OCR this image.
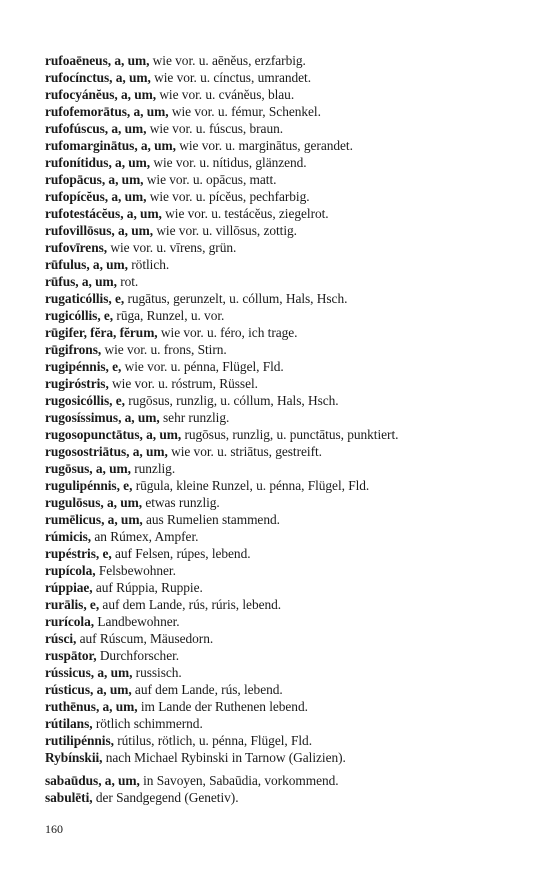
rufoaēneus, a, um, wie vor. u. aēnĕus, erzfarbig.
rufocínctus, a, um, wie vor. u. cínctus, umrandet.
rufocyánĕus, a, um, wie vor. u. cvánĕus, blau.
rufofemorātus, a, um, wie vor. u. fémur, Schenkel.
rufofúscus, a, um, wie vor. u. fúscus, braun.
rufomarginātus, a, um, wie vor. u. marginātus, gerandet.
rufonítidus, a, um, wie vor. u. nítidus, glänzend.
rufopācus, a, um, wie vor. u. opācus, matt.
rufopícĕus, a, um, wie vor. u. pícĕus, pechfarbig.
rufotestácĕus, a, um, wie vor. u. testácĕus, ziegelrot.
rufovillōsus, a, um, wie vor. u. villōsus, zottig.
rufovīrens, wie vor. u. vīrens, grün.
rūfulus, a, um, rötlich.
rūfus, a, um, rot.
rugaticóllis, e, rugātus, gerunzelt, u. cóllum, Hals, Hsch.
rugicóllis, e, rūga, Runzel, u. vor.
rūgifer, fĕra, fĕrum, wie vor. u. féro, ich trage.
rūgifrons, wie vor. u. frons, Stirn.
rugipénnis, e, wie vor. u. pénna, Flügel, Fld.
rugiróstris, wie vor. u. róstrum, Rüssel.
rugosicóllis, e, rugōsus, runzlig, u. cóllum, Hals, Hsch.
rugosíssimus, a, um, sehr runzlig.
rugosopunctātus, a, um, rugōsus, runzlig, u. punctātus, punktiert.
rugosostriātus, a, um, wie vor. u. striātus, gestreift.
rugōsus, a, um, runzlig.
rugulipénnis, e, rūgula, kleine Runzel, u. pénna, Flügel, Fld.
rugulōsus, a, um, etwas runzlig.
rumēlicus, a, um, aus Rumelien stammend.
rúmicis, an Rúmex, Ampfer.
rupéstris, e, auf Felsen, rúpes, lebend.
rupícola, Felsbewohner.
rúppiae, auf Rúppia, Ruppie.
rurālis, e, auf dem Lande, rús, rúris, lebend.
rurícola, Landbewohner.
rúsci, auf Rúscum, Mäusedorn.
ruspātor, Durchforscher.
rússicus, a, um, russisch.
rústicus, a, um, auf dem Lande, rús, lebend.
ruthēnus, a, um, im Lande der Ruthenen lebend.
rútilans, rötlich schimmernd.
rutilipénnis, rútilus, rötlich, u. pénna, Flügel, Fld.
Rybínskii, nach Michael Rybinski in Tarnow (Galizien).
sabaūdus, a, um, in Savoyen, Sabaūdia, vorkommend.
sabulēti, der Sandgegend (Genetiv).
160
